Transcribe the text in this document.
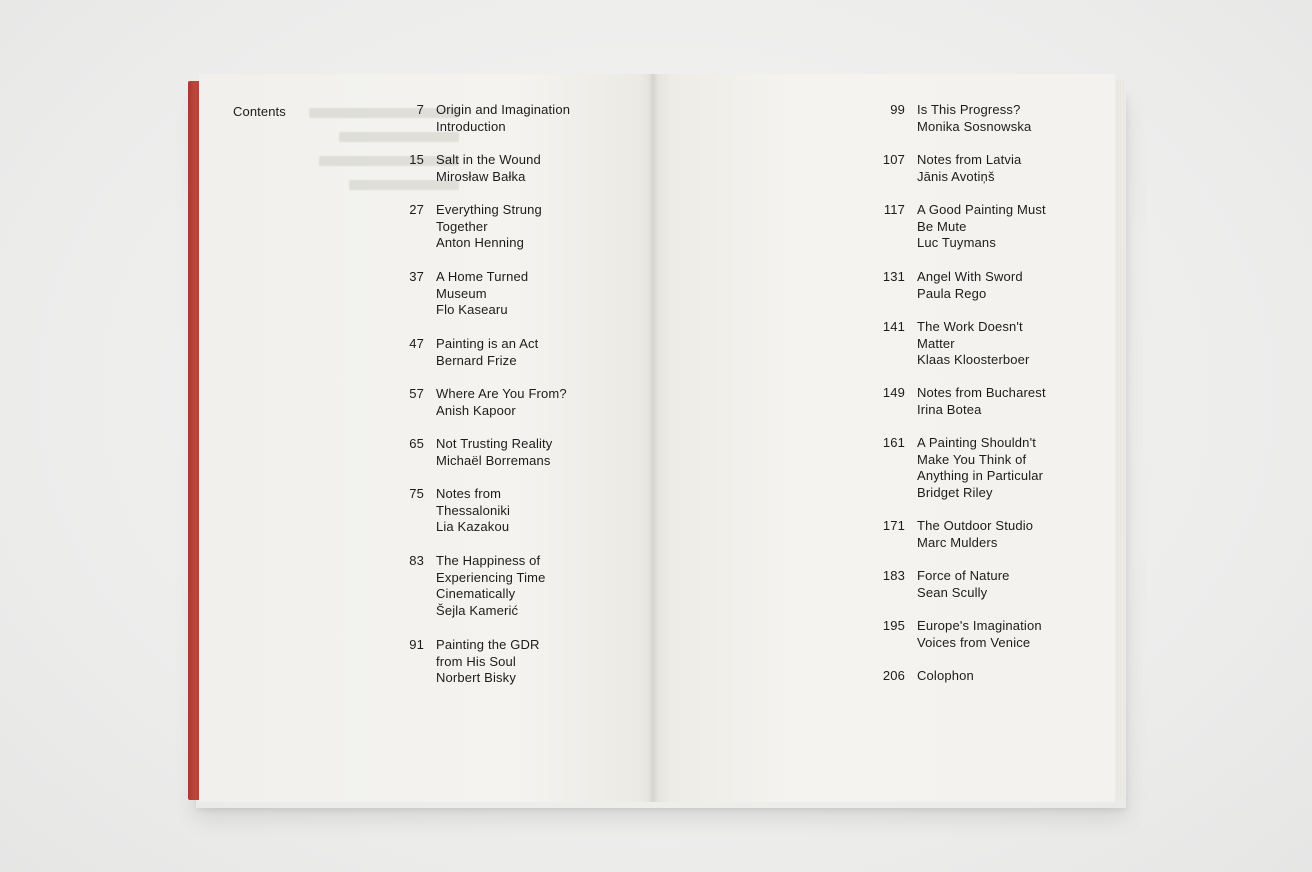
Contents	7 Origin and Imagination
Introduction
15 Salt in the Wound
Mirosław Bałka
27 Everything Strung
Together
Anton Henning
37 A Home Turned
Museum
Flo Kasearu
47 Painting is an Act
Bernard Frize
57 Where Are You From?
Anish Kapoor
65 Not Trusting Reality
Michaël Borremans
75 Notes from
Thessaloniki
Lia Kazakou
83 The Happiness of
Experiencing Time
Cinematically
Šejla Kamerić
91 Painting the GDR
from His Soul
Norbert Bisky
99 Is This Progress?
Monika Sosnowska
107 Notes from Latvia
Jānis Avotiņš
117 A Good Painting Must
Be Mute
Luc Tuymans
131 Angel With Sword
Paula Rego
141 The Work Doesn't
Matter
Klaas Kloosterboer
149 Notes from Bucharest
Irina Botea
161 A Painting Shouldn't
Make You Think of
Anything in Particular
Bridget Riley
171 The Outdoor Studio
Marc Mulders
183 Force of Nature
Sean Scully
195 Europe's Imagination
Voices from Venice
206 Colophon
